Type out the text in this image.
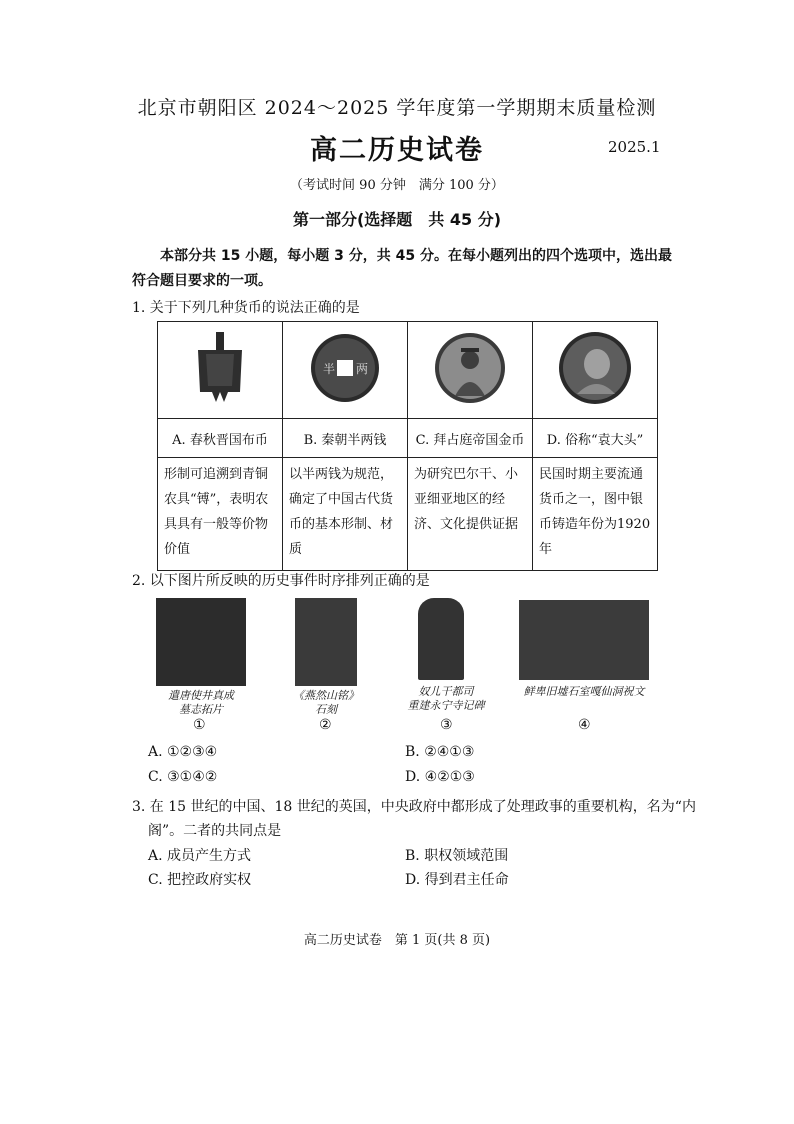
北京市朝阳区 2024～2025 学年度第一学期期末质量检测
高二历史试卷	2025.1
（考试时间 90 分钟　满分 100 分）
第一部分(选择题　共 45 分)
本部分共 15 小题，每小题 3 分，共 45 分。在每小题列出的四个选项中，选出最符合题目要求的一项。
1. 关于下列几种货币的说法正确的是

半 两

A. 春秋晋国布币	B. 秦朝半两钱	C. 拜占庭帝国金币	D. 俗称“袁大头”
形制可追溯到青铜农具“镈”，表明农具具有一般等价物价值	以半两钱为规范，确定了中国古代货币的基本形制、材质	为研究巴尔干、小亚细亚地区的经济、文化提供证据	民国时期主要流通货币之一，图中银币铸造年份为1920年
2. 以下图片所反映的历史事件时序排列正确的是
遣唐使井真成
墓志拓片
《燕然山铭》
石刻
奴儿干都司
重建永宁寺记碑
鲜卑旧墟石室嘎仙洞祝文
①	②	③	④
A. ①②③④	B. ②④①③
C. ③①④②	D. ④②①③
3. 在 15 世纪的中国、18 世纪的英国，中央政府中都形成了处理政事的重要机构，名为“内
阁”。二者的共同点是
A. 成员产生方式	B. 职权领域范围
C. 把控政府实权	D. 得到君主任命
高二历史试卷　第 1 页(共 8 页)
